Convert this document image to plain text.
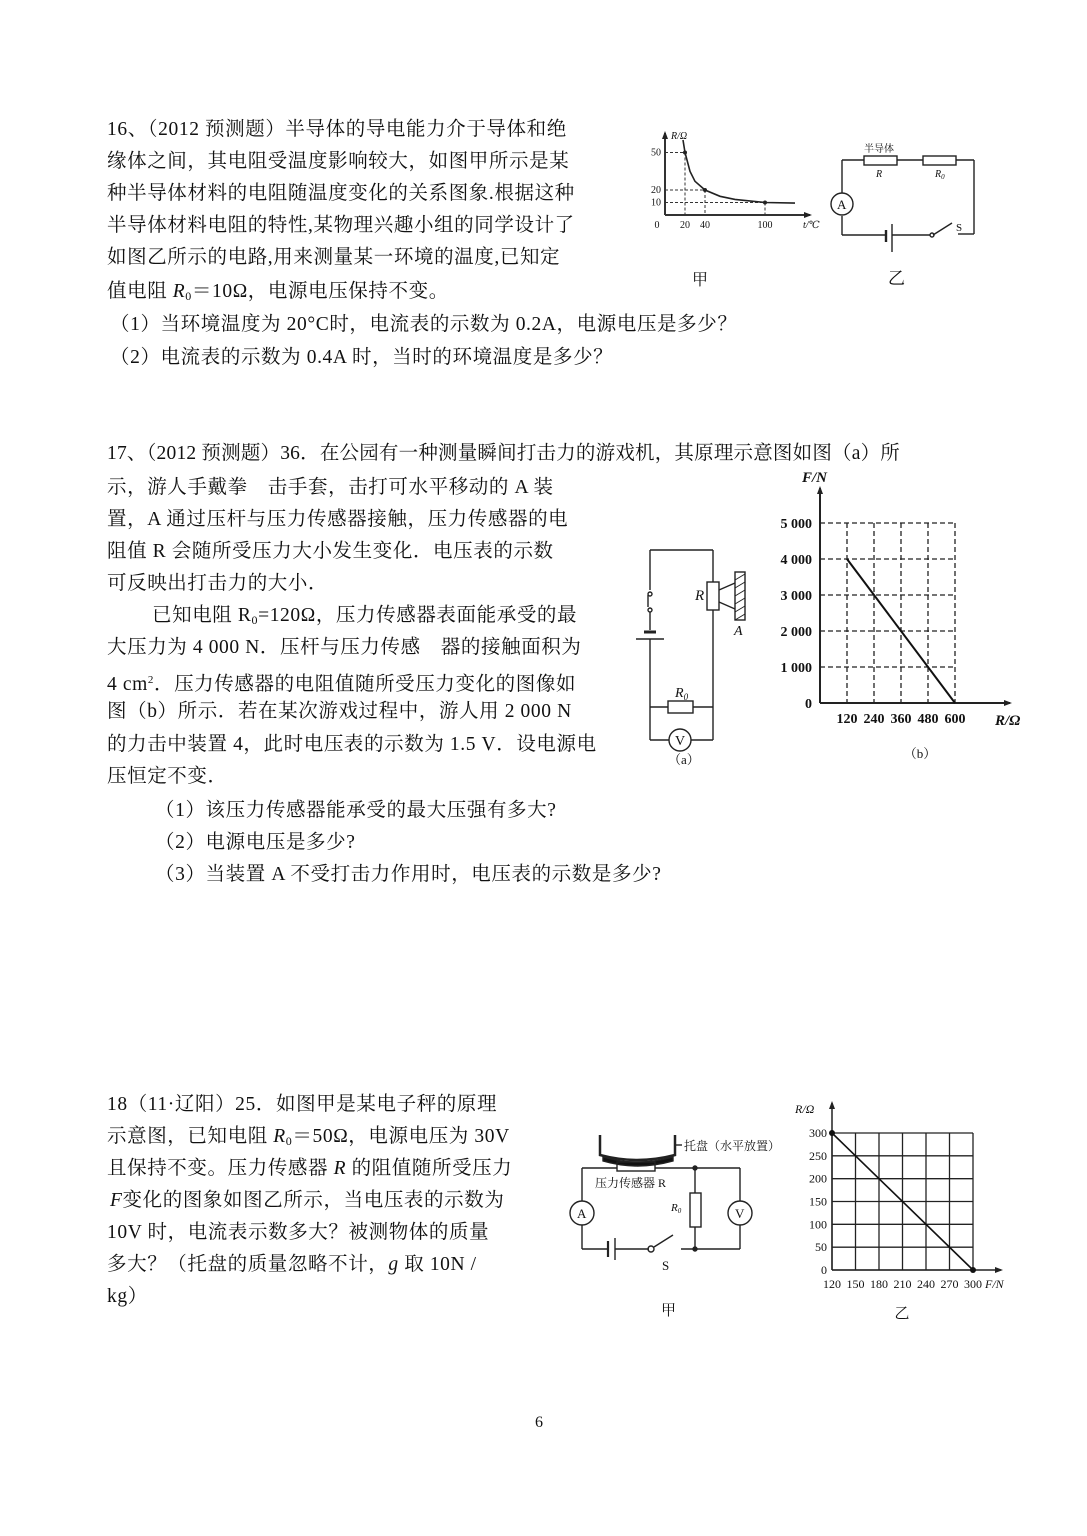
16、（2012 预测题）半导体的导电能力介于导体和绝
缘体之间，其电阻受温度影响较大，如图甲所示是某
种半导体材料的电阻随温度变化的关系图象.根据这种
半导体材料电阻的特性,某物理兴趣小组的同学设计了
如图乙所示的电路,用来测量某一环境的温度,已知定
值电阻 $R_0=10\Omega$，电源电压保持不变。
（1）当环境温度为 20°C时，电流表的示数为 0.2A，电源电压是多少？
（2）电流表的示数为 0.4A 时，当时的环境温度是多少？
10
20
50
20 40	100
0
R/Ω
t/℃
甲
半导体
R	$R_0$
A
S
乙
17、（2012 预测题）36．在公园有一种测量瞬间打击力的游戏机，其原理示意图如图（a）所
示，游人手戴拳　击手套，击打可水平移动的 A 装
置，A 通过压杆与压力传感器接触，压力传感器的电
阻值 R 会随所受压力大小发生变化．电压表的示数
可反映出打击力的大小．
已知电阻 $R_0=120\Omega$，压力传感器表面能承受的最
大压力为 4 000 N．压杆与压力传感　器的接触面积为
4 $cm^2$．压力传感器的电阻值随所受压力变化的图像如
图（b）所示．若在某次游戏过程中，游人用 2 000 N
的力击中装置 4，此时电压表的示数为 1.5 V．设电源电
压恒定不变．
（1）该压力传感器能承受的最大压强有多大?
（2）电源电压是多少?
（3）当装置 A 不受打击力作用时，电压表的示数是多少?
R
A
$R_0$
V
（a）
0
1 000
2 000
3 000
4 000
5 000
120 240 360 480 600
F/N
R/Ω
（b）
18（11·辽阳）25．如图甲是某电子秤的原理
示意图，已知电阻 $R_0=50\Omega$，电源电压为 30V
且保持不变。压力传感器 R 的阻值随所受压力
F变化的图象如图乙所示，当电压表的示数为
10V 时，电流表示数多大？被测物体的质量
多大？（托盘的质量忽略不计，g 取 10N /
kg）
托盘（水平放置）
压力传感器 R
R0
A	V
S
甲
0
50
100
150
200
250
300
120 150 180 210 240 270 300
R/Ω
F/N
乙
6
